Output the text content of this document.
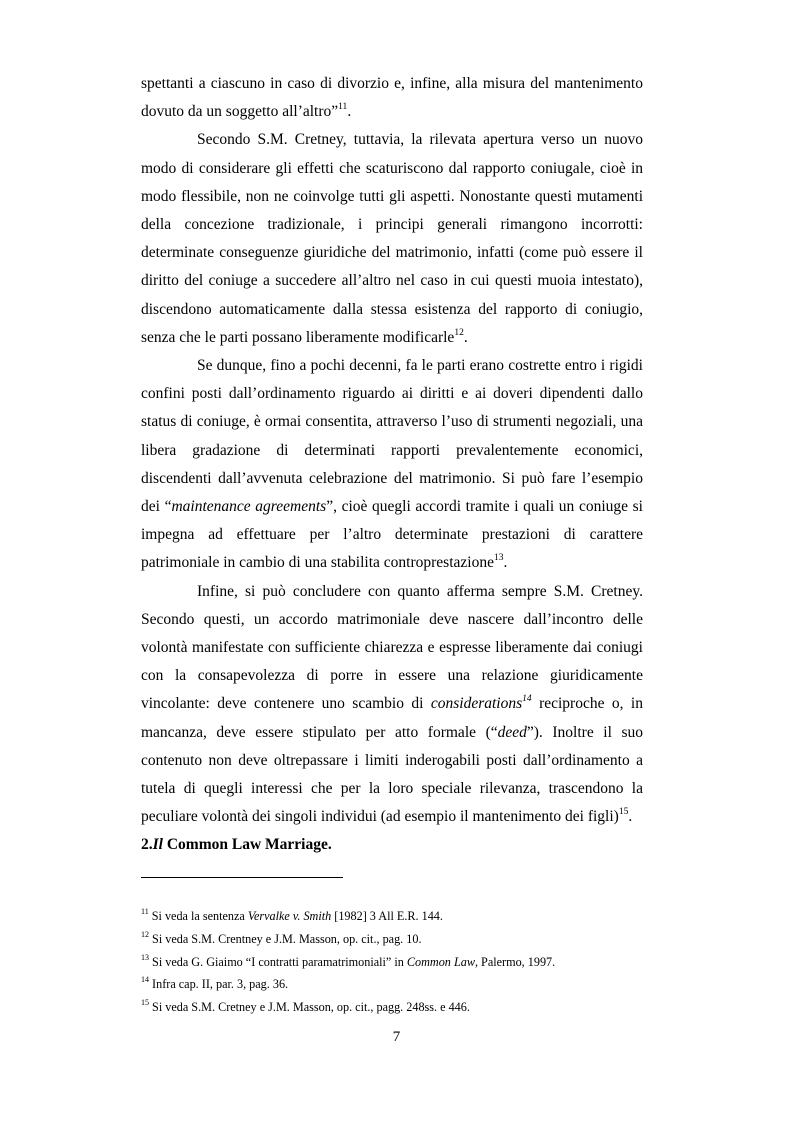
spettanti a ciascuno in caso di divorzio e, infine, alla misura del mantenimento dovuto da un soggetto all’altro”$^{11}$.

Secondo S.M. Cretney, tuttavia, la rilevata apertura verso un nuovo modo di considerare gli effetti che scaturiscono dal rapporto coniugale, cioè in modo flessibile, non ne coinvolge tutti gli aspetti. Nonostante questi mutamenti della concezione tradizionale, i principi generali rimangono incorrotti: determinate conseguenze giuridiche del matrimonio, infatti (come può essere il diritto del coniuge a succedere all’altro nel caso in cui questi muoia intestato), discendono automaticamente dalla stessa esistenza del rapporto di coniugio, senza che le parti possano liberamente modificarle$^{12}$.

Se dunque, fino a pochi decenni, fa le parti erano costrette entro i rigidi confini posti dall’ordinamento riguardo ai diritti e ai doveri dipendenti dallo status di coniuge, è ormai consentita, attraverso l’uso di strumenti negoziali, una libera gradazione di determinati rapporti prevalentemente economici, discendenti dall’avvenuta celebrazione del matrimonio. Si può fare l’esempio dei “maintenance agreements”, cioè quegli accordi tramite i quali un coniuge si impegna ad effettuare per l’altro determinate prestazioni di carattere patrimoniale in cambio di una stabilita controprestazione$^{13}$.

Infine, si può concludere con quanto afferma sempre S.M. Cretney. Secondo questi, un accordo matrimoniale deve nascere dall’incontro delle volontà manifestate con sufficiente chiarezza e espresse liberamente dai coniugi con la consapevolezza di porre in essere una relazione giuridicamente vincolante: deve contenere uno scambio di considerations$^{14}$ reciproche o, in mancanza, deve essere stipulato per atto formale (“deed”). Inoltre il suo contenuto non deve oltrepassare i limiti inderogabili posti dall’ordinamento a tutela di quegli interessi che per la loro speciale rilevanza, trascendono la peculiare volontà dei singoli individui (ad esempio il mantenimento dei figli)$^{15}$.

2.Il Common Law Marriage.

$^{11}$ Si veda la sentenza Vervalke v. Smith [1982] 3 All E.R. 144.

$^{12}$ Si veda S.M. Crentney e J.M. Masson, op. cit., pag. 10.

$^{13}$ Si veda G. Giaimo “I contratti paramatrimoniali” in Common Law, Palermo, 1997.

$^{14}$ Infra cap. II, par. 3, pag. 36.

$^{15}$ Si veda S.M. Cretney e J.M. Masson, op. cit., pagg. 248ss. e 446.

7
